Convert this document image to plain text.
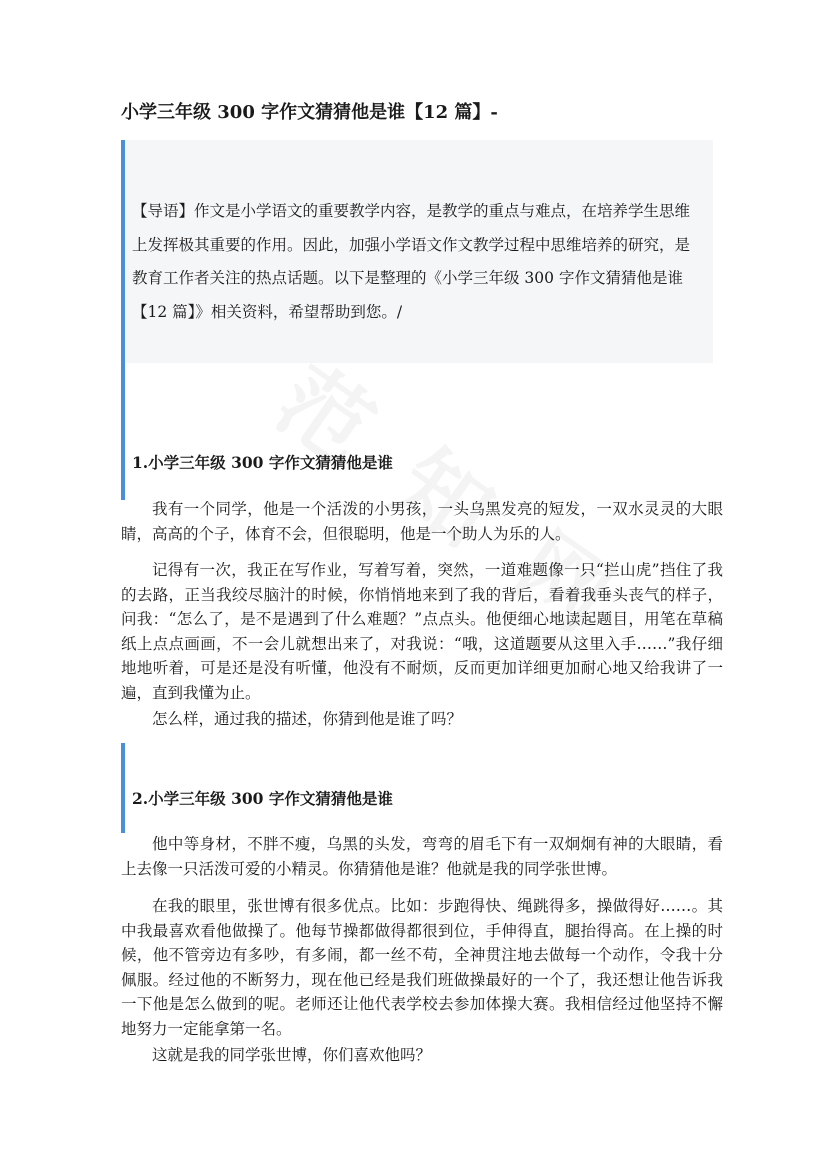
小学三年级 300 字作文猜猜他是谁【12 篇】-

【导语】作文是小学语文的重要教学内容，是教学的重点与难点，在培养学生思维上发挥极其重要的作用。因此，加强小学语文作文教学过程中思维培养的研究，是教育工作者关注的热点话题。以下是整理的《小学三年级 300 字作文猜猜他是谁【12 篇】》相关资料，希望帮助到您。/

1.小学三年级 300 字作文猜猜他是谁

我有一个同学，他是一个活泼的小男孩，一头乌黑发亮的短发，一双水灵灵的大眼睛，高高的个子，体育不会，但很聪明，他是一个助人为乐的人。

记得有一次，我正在写作业，写着写着，突然，一道难题像一只“拦山虎”挡住了我的去路，正当我绞尽脑汁的时候，你悄悄地来到了我的背后，看着我垂头丧气的样子，问我：“怎么了，是不是遇到了什么难题？”点点头。他便细心地读起题目，用笔在草稿纸上点点画画，不一会儿就想出来了，对我说：“哦，这道题要从这里入手……”我仔细地地听着，可是还是没有听懂，他没有不耐烦，反而更加详细更加耐心地又给我讲了一遍，直到我懂为止。

怎么样，通过我的描述，你猜到他是谁了吗？

2.小学三年级 300 字作文猜猜他是谁

他中等身材，不胖不瘦，乌黑的头发，弯弯的眉毛下有一双炯炯有神的大眼睛，看上去像一只活泼可爱的小精灵。你猜猜他是谁？他就是我的同学张世博。

在我的眼里，张世博有很多优点。比如：步跑得快、绳跳得多，操做得好……。其中我最喜欢看他做操了。他每节操都做得都很到位，手伸得直，腿抬得高。在上操的时候，他不管旁边有多吵，有多闹，都一丝不苟，全神贯注地去做每一个动作，令我十分佩服。经过他的不断努力，现在他已经是我们班做操最好的一个了，我还想让他告诉我一下他是怎么做到的呢。老师还让他代表学校去参加体操大赛。我相信经过他坚持不懈地努力一定能拿第一名。

这就是我的同学张世博，你们喜欢他吗？
